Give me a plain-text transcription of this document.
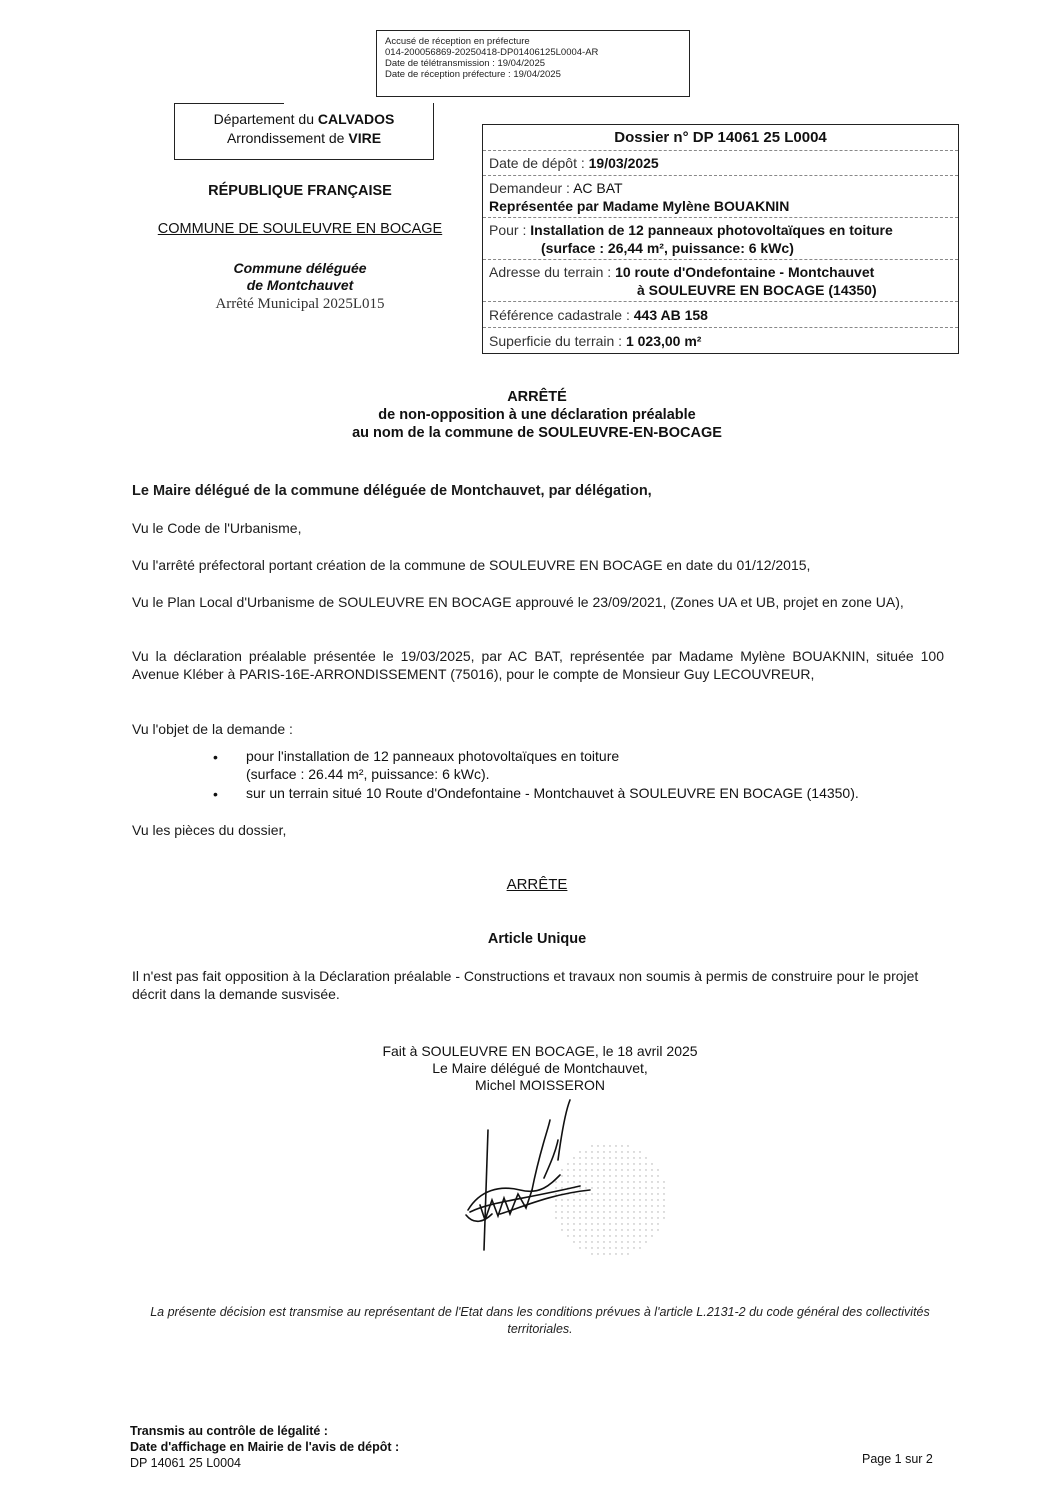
Accusé de réception en préfecture
014-200056869-20250418-DP01406125L0004-AR
Date de télétransmission : 19/04/2025
Date de réception préfecture : 19/04/2025
Département du CALVADOS
Arrondissement de VIRE
RÉPUBLIQUE FRANÇAISE
COMMUNE DE SOULEUVRE EN BOCAGE
Commune déléguée
de Montchauvet
Arrêté Municipal 2025L015
Dossier n° DP 14061 25 L0004
Date de dépôt : 19/03/2025
Demandeur : AC BAT
Représentée par Madame Mylène BOUAKNIN
Pour : Installation de 12 panneaux photovoltaïques en toiture
(surface : 26,44 m², puissance: 6 kWc)
Adresse du terrain : 10 route d'Ondefontaine - Montchauvet
à SOULEUVRE EN BOCAGE (14350)
Référence cadastrale : 443 AB 158
Superficie du terrain : 1 023,00 m²
ARRÊTÉ
de non-opposition à une déclaration préalable
au nom de la commune de SOULEUVRE-EN-BOCAGE
Le Maire délégué de la commune déléguée de Montchauvet, par délégation,
Vu le Code de l'Urbanisme,
Vu l'arrêté préfectoral portant création de la commune de SOULEUVRE EN BOCAGE en date du 01/12/2015,
Vu le Plan Local d'Urbanisme de SOULEUVRE EN BOCAGE approuvé le 23/09/2021, (Zones UA et UB, projet en zone UA),
Vu la déclaration préalable présentée le 19/03/2025, par AC BAT, représentée par Madame Mylène BOUAKNIN, située 100 Avenue Kléber à PARIS-16E-ARRONDISSEMENT (75016), pour le compte de Monsieur Guy LECOUVREUR,
Vu l'objet de la demande :
• pour l'installation de 12 panneaux photovoltaïques en toiture
(surface : 26.44 m², puissance: 6 kWc).
• sur un terrain situé 10 Route d'Ondefontaine - Montchauvet à SOULEUVRE EN BOCAGE (14350).
Vu les pièces du dossier,
ARRÊTE
Article Unique
Il n'est pas fait opposition à la Déclaration préalable - Constructions et travaux non soumis à permis de construire pour le projet décrit dans la demande susvisée.
Fait à SOULEUVRE EN BOCAGE, le 18 avril 2025
Le Maire délégué de Montchauvet,
Michel MOISSERON
La présente décision est transmise au représentant de l'Etat dans les conditions prévues à l'article L.2131-2 du code général des collectivités territoriales.
Transmis au contrôle de légalité :
Date d'affichage en Mairie de l'avis de dépôt :
DP 14061 25 L0004	Page 1 sur 2
